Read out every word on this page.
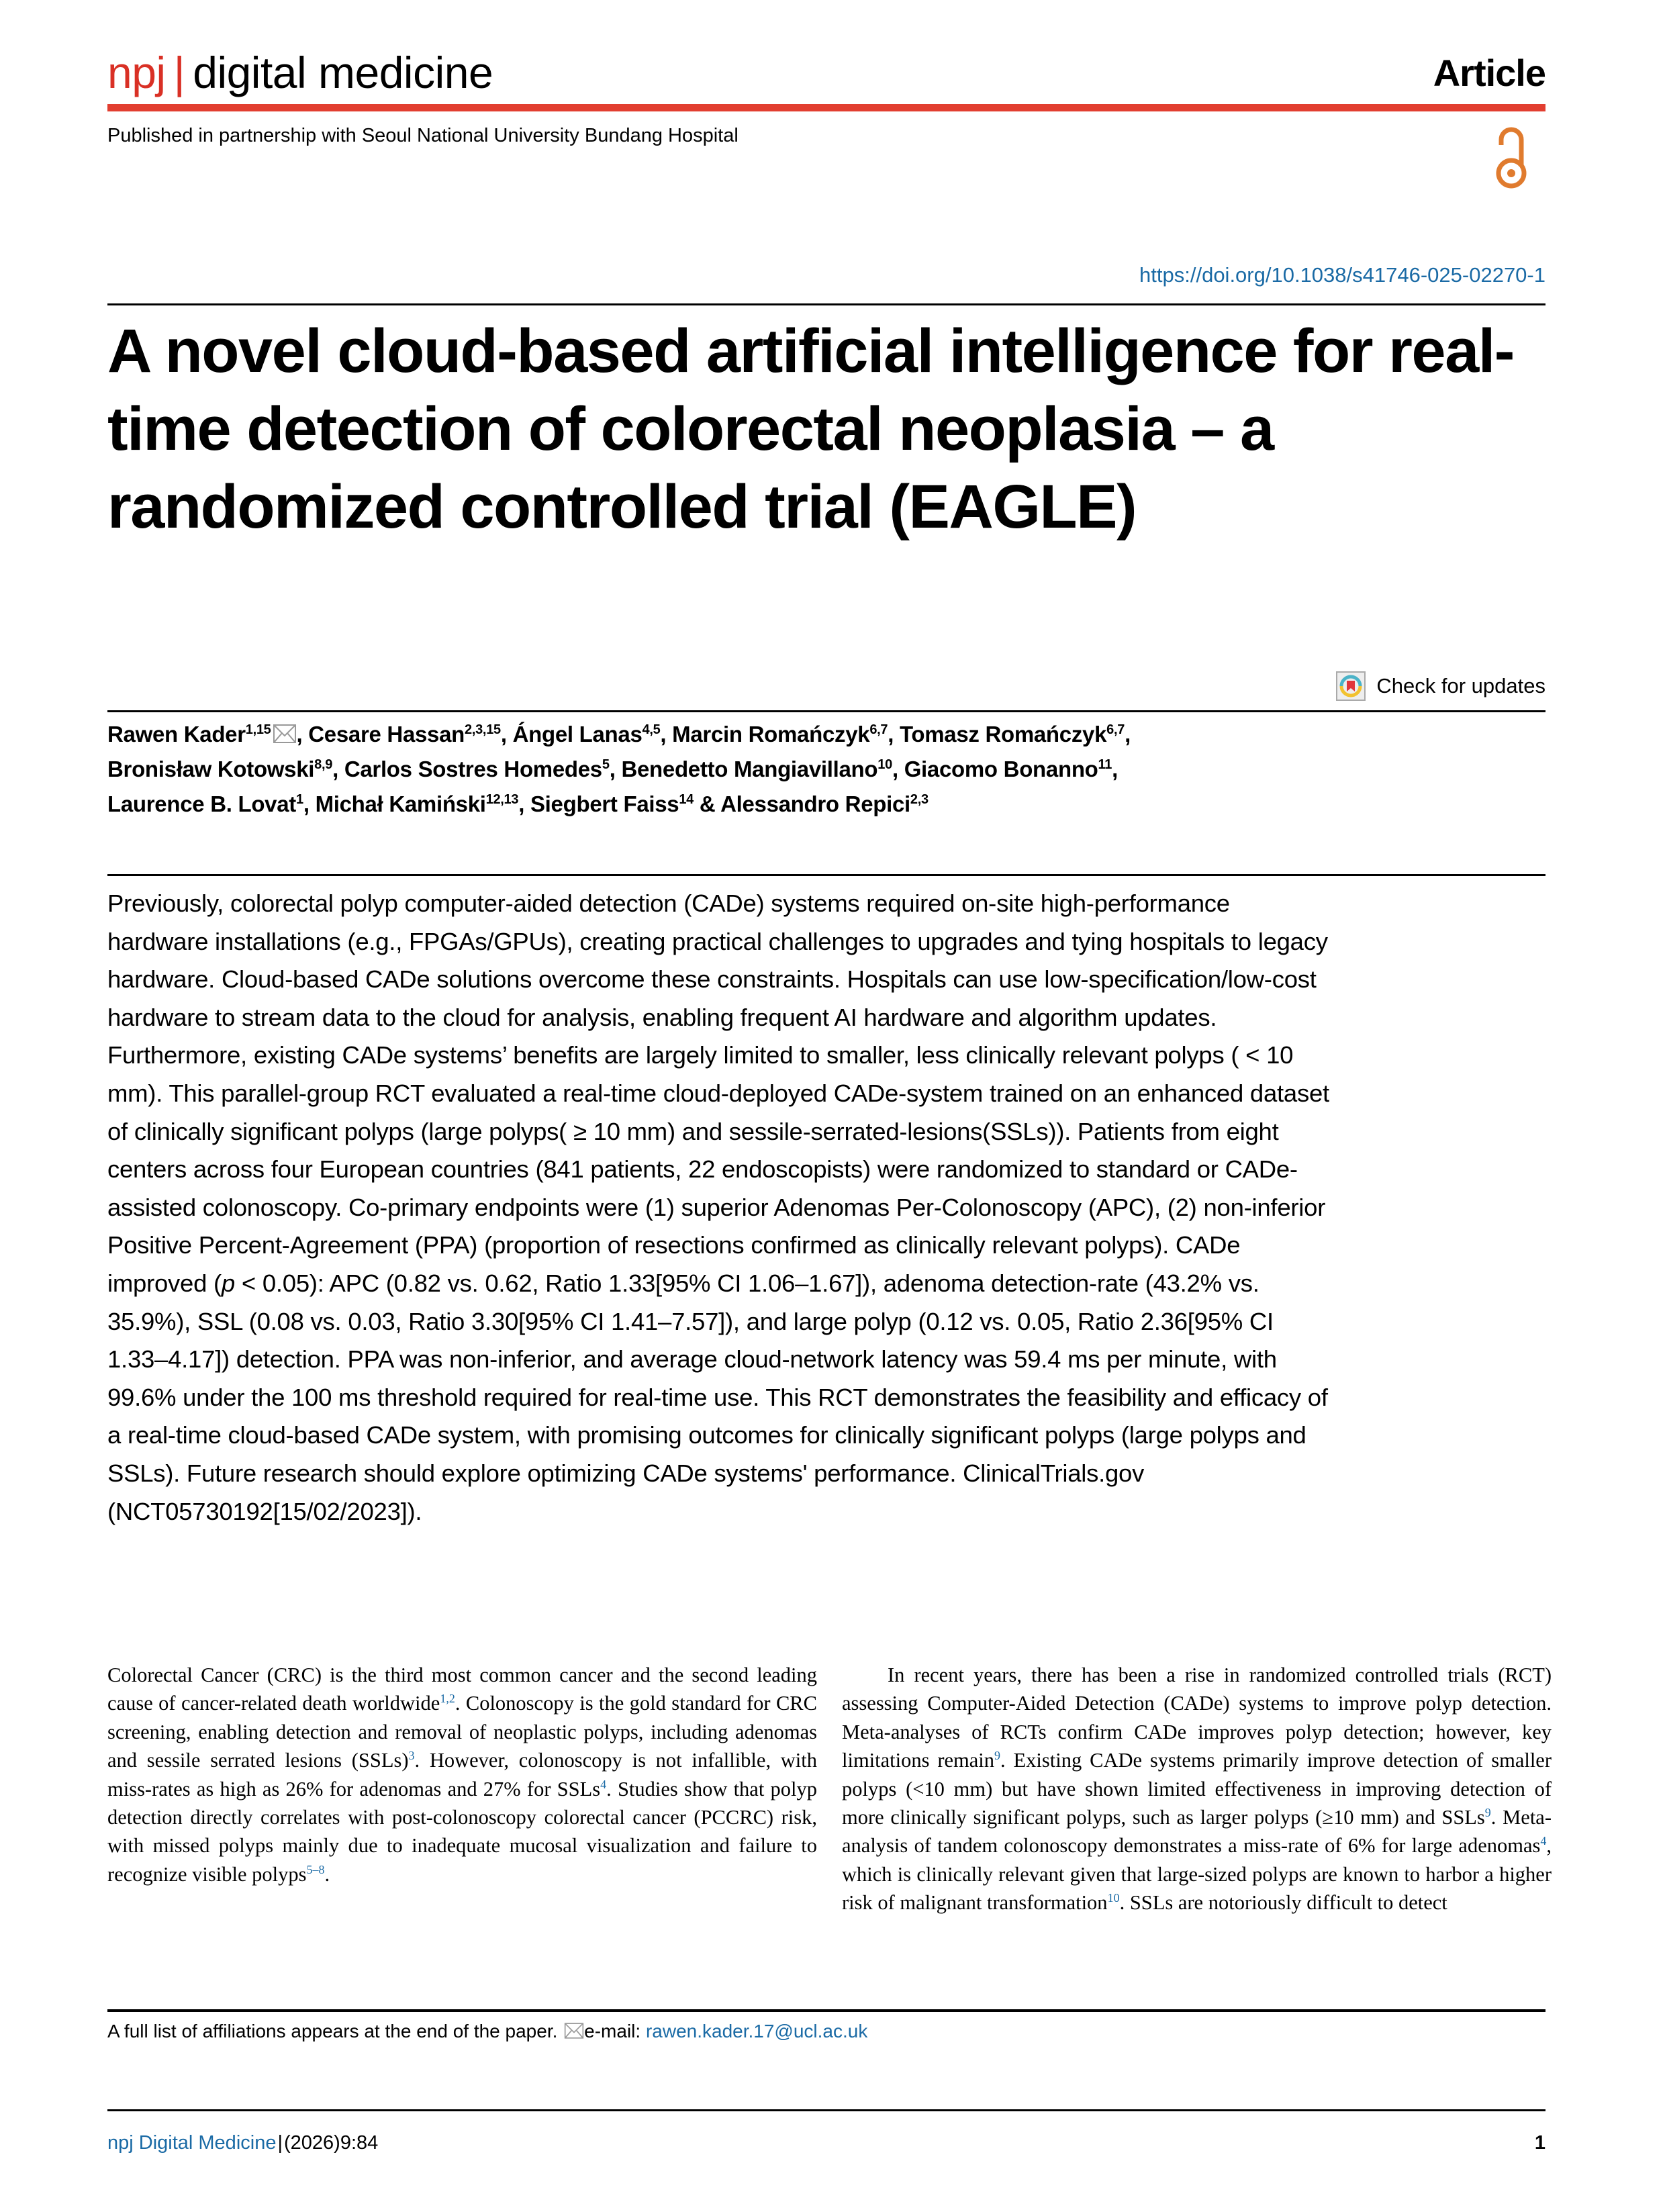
npj | digital medicine	Article
Published in partnership with Seoul National University Bundang Hospital
https://doi.org/10.1038/s41746-025-02270-1
A novel cloud-based artificial intelligence for real-time detection of colorectal neoplasia – a randomized controlled trial (EAGLE)
Check for updates
Rawen Kader$^{1,15}$ , Cesare Hassan$^{2,3,15}$, Ángel Lanas$^{4,5}$, Marcin Romańczyk$^{6,7}$, Tomasz Romańczyk$^{6,7}$,
Bronisław Kotowski$^{8,9}$, Carlos Sostres Homedes$^5$, Benedetto Mangiavillano$^{10}$, Giacomo Bonanno$^{11}$,
Laurence B. Lovat$^1$, Michał Kamiński$^{12,13}$, Siegbert Faiss$^{14}$ & Alessandro Repici$^{2,3}$

Previously, colorectal polyp computer-aided detection (CADe) systems required on-site high-performance hardware installations (e.g., FPGAs/GPUs), creating practical challenges to upgrades and tying hospitals to legacy hardware. Cloud-based CADe solutions overcome these constraints. Hospitals can use low-specification/low-cost hardware to stream data to the cloud for analysis, enabling frequent AI hardware and algorithm updates. Furthermore, existing CADe systems’ benefits are largely limited to smaller, less clinically relevant polyps ( < 10 mm). This parallel-group RCT evaluated a real-time cloud-deployed CADe-system trained on an enhanced dataset of clinically significant polyps (large polyps( ≥ 10 mm) and sessile-serrated-lesions(SSLs)). Patients from eight centers across four European countries (841 patients, 22 endoscopists) were randomized to standard or CADe-assisted colonoscopy. Co-primary endpoints were (1) superior Adenomas Per-Colonoscopy (APC), (2) non-inferior Positive Percent-Agreement (PPA) (proportion of resections confirmed as clinically relevant polyps). CADe improved (p < 0.05): APC (0.82 vs. 0.62, Ratio 1.33[95% CI 1.06–1.67]), adenoma detection-rate (43.2% vs. 35.9%), SSL (0.08 vs. 0.03, Ratio 3.30[95% CI 1.41–7.57]), and large polyp (0.12 vs. 0.05, Ratio 2.36[95% CI 1.33–4.17]) detection. PPA was non-inferior, and average cloud-network latency was 59.4 ms per minute, with 99.6% under the 100 ms threshold required for real-time use. This RCT demonstrates the feasibility and efficacy of a real-time cloud-based CADe system, with promising outcomes for clinically significant polyps (large polyps and SSLs). Future research should explore optimizing CADe systems' performance. ClinicalTrials.gov (NCT05730192[15/02/2023]).

Colorectal Cancer (CRC) is the third most common cancer and the second leading cause of cancer-related death worldwide$^{1,2}$. Colonoscopy is the gold standard for CRC screening, enabling detection and removal of neoplastic polyps, including adenomas and sessile serrated lesions (SSLs)$^3$. However, colonoscopy is not infallible, with miss-rates as high as 26% for adenomas and 27% for SSLs$^4$. Studies show that polyp detection directly correlates with post-colonoscopy colorectal cancer (PCCRC) risk, with missed polyps mainly due to inadequate mucosal visualization and failure to recognize visible polyps$^{5-8}$.

In recent years, there has been a rise in randomized controlled trials (RCT) assessing Computer-Aided Detection (CADe) systems to improve polyp detection. Meta-analyses of RCTs confirm CADe improves polyp detection; however, key limitations remain$^9$. Existing CADe systems primarily improve detection of smaller polyps (<10 mm) but have shown limited effectiveness in improving detection of more clinically significant polyps, such as larger polyps (≥10 mm) and SSLs$^9$. Meta-analysis of tandem colonoscopy demonstrates a miss-rate of 6% for large adenomas$^4$, which is clinically relevant given that large-sized polyps are known to harbor a higher risk of malignant transformation$^{10}$. SSLs are notoriously difficult to detect

A full list of affiliations appears at the end of the paper. e-mail: rawen.kader.17@ucl.ac.uk
npj Digital Medicine|(2026)9:84	1
